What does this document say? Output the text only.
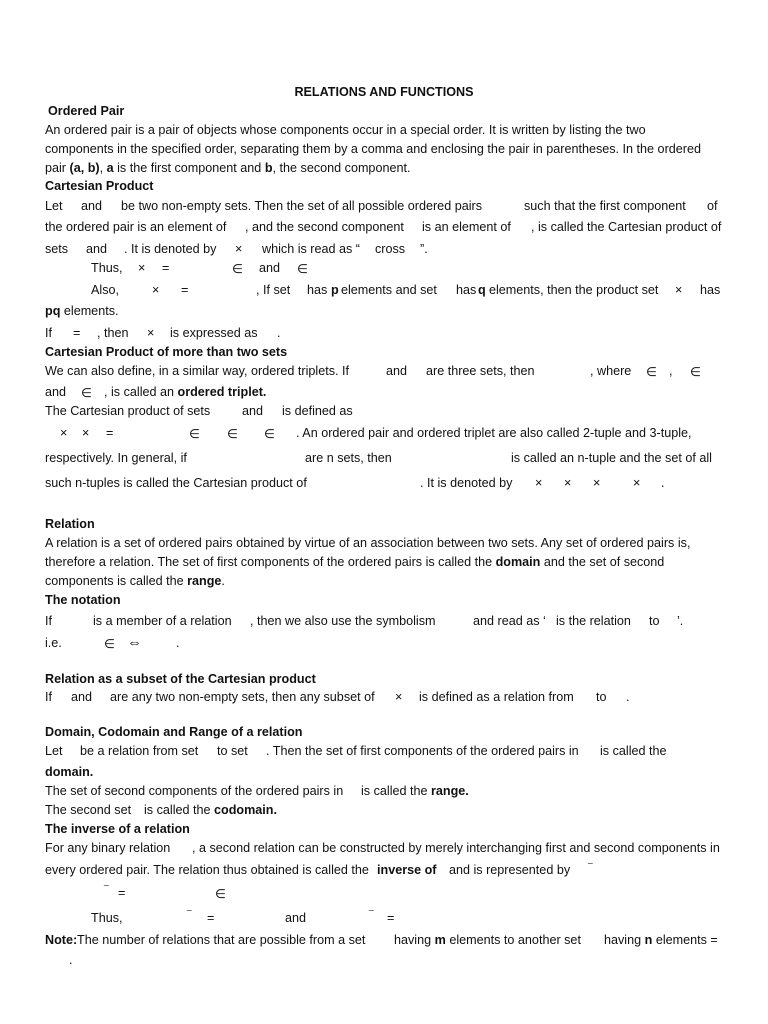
RELATIONS AND FUNCTIONS
Ordered Pair
An ordered pair is a pair of objects whose components occur in a special order. It is written by listing the two
components in the specified order, separating them by a comma and enclosing the pair in parentheses. In the ordered
pair (a, b), a is the first component and b, the second component.
Cartesian Product
Let and be two non-empty sets. Then the set of all possible ordered pairs	such that the first component of
the ordered pair is an element of , and the second component is an element of , is called the Cartesian product of
sets and . It is denoted by × which is read as “ cross ”.
Thus, × =	∈ and ∈
Also,	× =	, If set has p elements and set has q elements, then the product set × has
pq elements.
If = , then × is expressed as .
Cartesian Product of more than two sets
We can also define, in a similar way, ordered triplets. If	and are three sets, then	, where ∈ , ∈
and ∈ , is called an ordered triplet.
The Cartesian product of sets	and is defined as
× × =	∈ ∈ ∈ . An ordered pair and ordered triplet are also called 2-tuple and 3-tuple,
respectively. In general, if	are n sets, then	is called an n-tuple and the set of all
such n-tuples is called the Cartesian product of	. It is denoted by × × ×	× .
Relation
A relation is a set of ordered pairs obtained by virtue of an association between two sets. Any set of ordered pairs is,
therefore a relation. The set of first components of the ordered pairs is called the domain and the set of second
components is called the range.
The notation
If	is a member of a relation , then we also use the symbolism	and read as ‘ is the relation to ’.
i.e.	∈ ⇔	.
Relation as a subset of the Cartesian product
If and are any two non-empty sets, then any subset of × is defined as a relation from to .
Domain, Codomain and Range of a relation
Let be a relation from set to set . Then the set of first components of the ordered pairs in is called the
domain.
The set of second components of the ordered pairs in is called the range.
The second set is called the codomain.
The inverse of a relation
For any binary relation , a second relation can be constructed by merely interchanging first and second components in
every ordered pair. The relation thus obtained is called the inverse of and is represented by ⁻
⁻ =	∈
Thus,	⁻ =	and	⁻ =
Note: The number of relations that are possible from a set having m elements to another set having n elements =
.
